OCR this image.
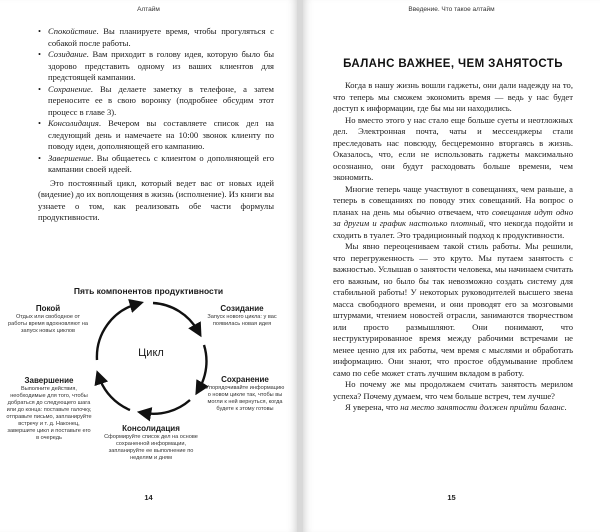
Алтайм
• Спокойствие. Вы планируете время, чтобы прогуляться с собакой после работы.
• Созидание. Вам приходит в голову идея, которую было бы здорово представить одному из ваших клиентов для предстоящей кампании.
• Сохранение. Вы делаете заметку в телефоне, а затем переносите ее в свою воронку (подробнее обсудим этот процесс в главе 3).
• Консолидация. Вечером вы составляете список дел на следующий день и намечаете на 10:00 звонок клиенту по поводу идеи, дополняющей его кампанию.
• Завершение. Вы общаетесь с клиентом о дополняющей его кампании своей идеей.

Это постоянный цикл, который ведет вас от новых идей (видение) до их воплощения в жизнь (исполнение). Из книги вы узнаете о том, как реализовать обе части формулы продуктивности.

Пять компонентов продуктивности
Цикл
Покой
Отдых или свободное от работы время вдохновляют на запуск новых циклов
Созидание
Запуск нового цикла: у вас появилась новая идея
Сохранение
Упорядочивайте информацию о новом цикле так, чтобы вы могли к ней вернуться, когда будете к этому готовы
Консолидация
Сформируйте список дел на основе сохраненной информации, запланируйте ее выполнение по неделям и дням
Завершение
Выполните действия, необходимые для того, чтобы добраться до следующего шага или до конца: поставьте галочку, отправьте письмо, запланируйте встречу и т. д. Наконец, завершите цикл и поставьте его в очередь
14
Введение. Что такое алтайм
БАЛАНС ВАЖНЕЕ, ЧЕМ ЗАНЯТОСТЬ

Когда в нашу жизнь вошли гаджеты, они дали надежду на то, что теперь мы сможем экономить время — ведь у нас будет доступ к информации, где бы мы ни находились.

Но вместо этого у нас стало еще больше суеты и неотложных дел. Электронная почта, чаты и мессенджеры стали преследовать нас повсюду, бесцеремонно вторгаясь в жизнь. Оказалось, что, если не использовать гаджеты максимально осознанно, они будут расходовать больше времени, чем экономить.

Многие теперь чаще участвуют в совещаниях, чем раньше, а теперь в совещаниях по поводу этих совещаний. На вопрос о планах на день мы обычно отвечаем, что совещания идут одно за другим и график настолько плотный, что некогда подойти и сходить в туалет. Это традиционный подход к продуктивности.

Мы явно переоцениваем такой стиль работы. Мы решили, что перегруженность — это круто. Мы путаем занятость с важностью. Услышав о занятости человека, мы начинаем считать его важным, но было бы так невозможно создать систему для стабильной работы! У некоторых руководителей высшего звена масса свободного времени, и они проводят его за мозговыми штурмами, чтением новостей отрасли, занимаются творчеством или просто размышляют. Они понимают, что неструктурированное время между рабочими встречами не менее ценно для их работы, чем время с мыслями и обработать информацию. Они знают, что простое обдумывание проблем само по себе может стать лучшим вкладом в работу.

Но почему же мы продолжаем считать занятость мерилом успеха? Почему думаем, что чем больше встреч, тем лучше?

Я уверена, что на место занятости должен прийти баланс.

15
